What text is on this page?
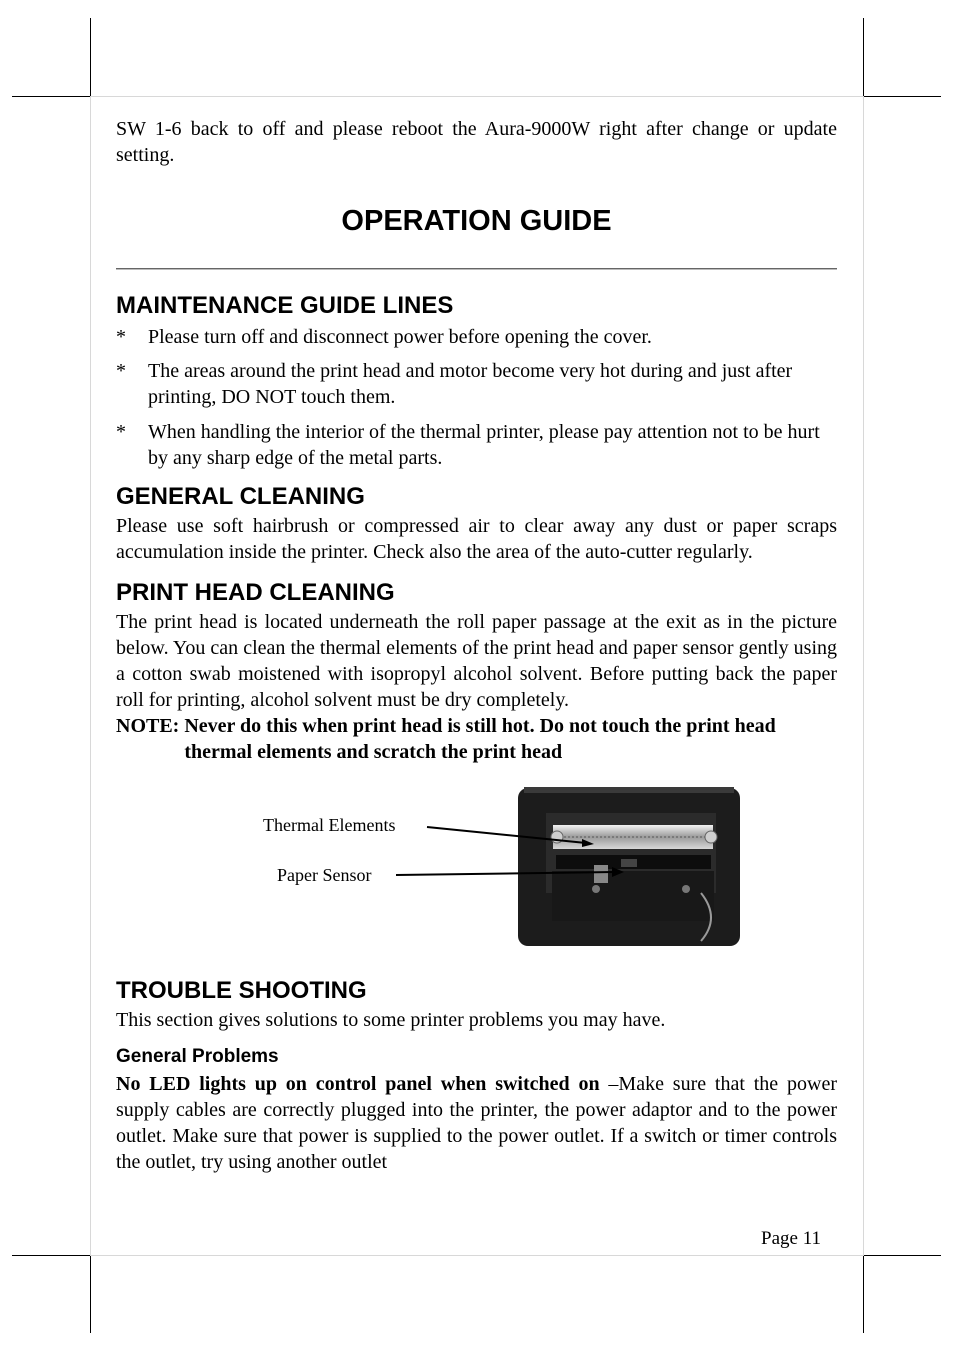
SW 1-6 back to off and please reboot the Aura-9000W right after change or update setting.

OPERATION GUIDE
MAINTENANCE GUIDE LINES
*	Please turn off and disconnect power before opening the cover.
*	The areas around the print head and motor become very hot during and just after printing, DO NOT touch them.
*	When handling the interior of the thermal printer, please pay attention not to be hurt by any sharp edge of the metal parts.
GENERAL CLEANING

Please use soft hairbrush or compressed air to clear away any dust or paper scraps accumulation inside the printer. Check also the area of the auto-cutter regularly.

PRINT HEAD CLEANING

The print head is located underneath the roll paper passage at the exit as in the picture below. You can clean the thermal elements of the print head and paper sensor gently using a cotton swab moistened with isopropyl alcohol solvent. Before putting back the paper roll for printing, alcohol solvent must be dry completely.

NOTE: Never do this when print head is still hot. Do not touch the print head thermal elements and scratch the print head
Thermal Elements
Paper Sensor
TROUBLE SHOOTING

This section gives solutions to some printer problems you may have.

General Problems

No LED lights up on control panel when switched on –Make sure that the power supply cables are correctly plugged into the printer, the power adaptor and to the power outlet. Make sure that power is supplied to the power outlet. If a switch or timer controls the outlet, try using another outlet

Page 11
